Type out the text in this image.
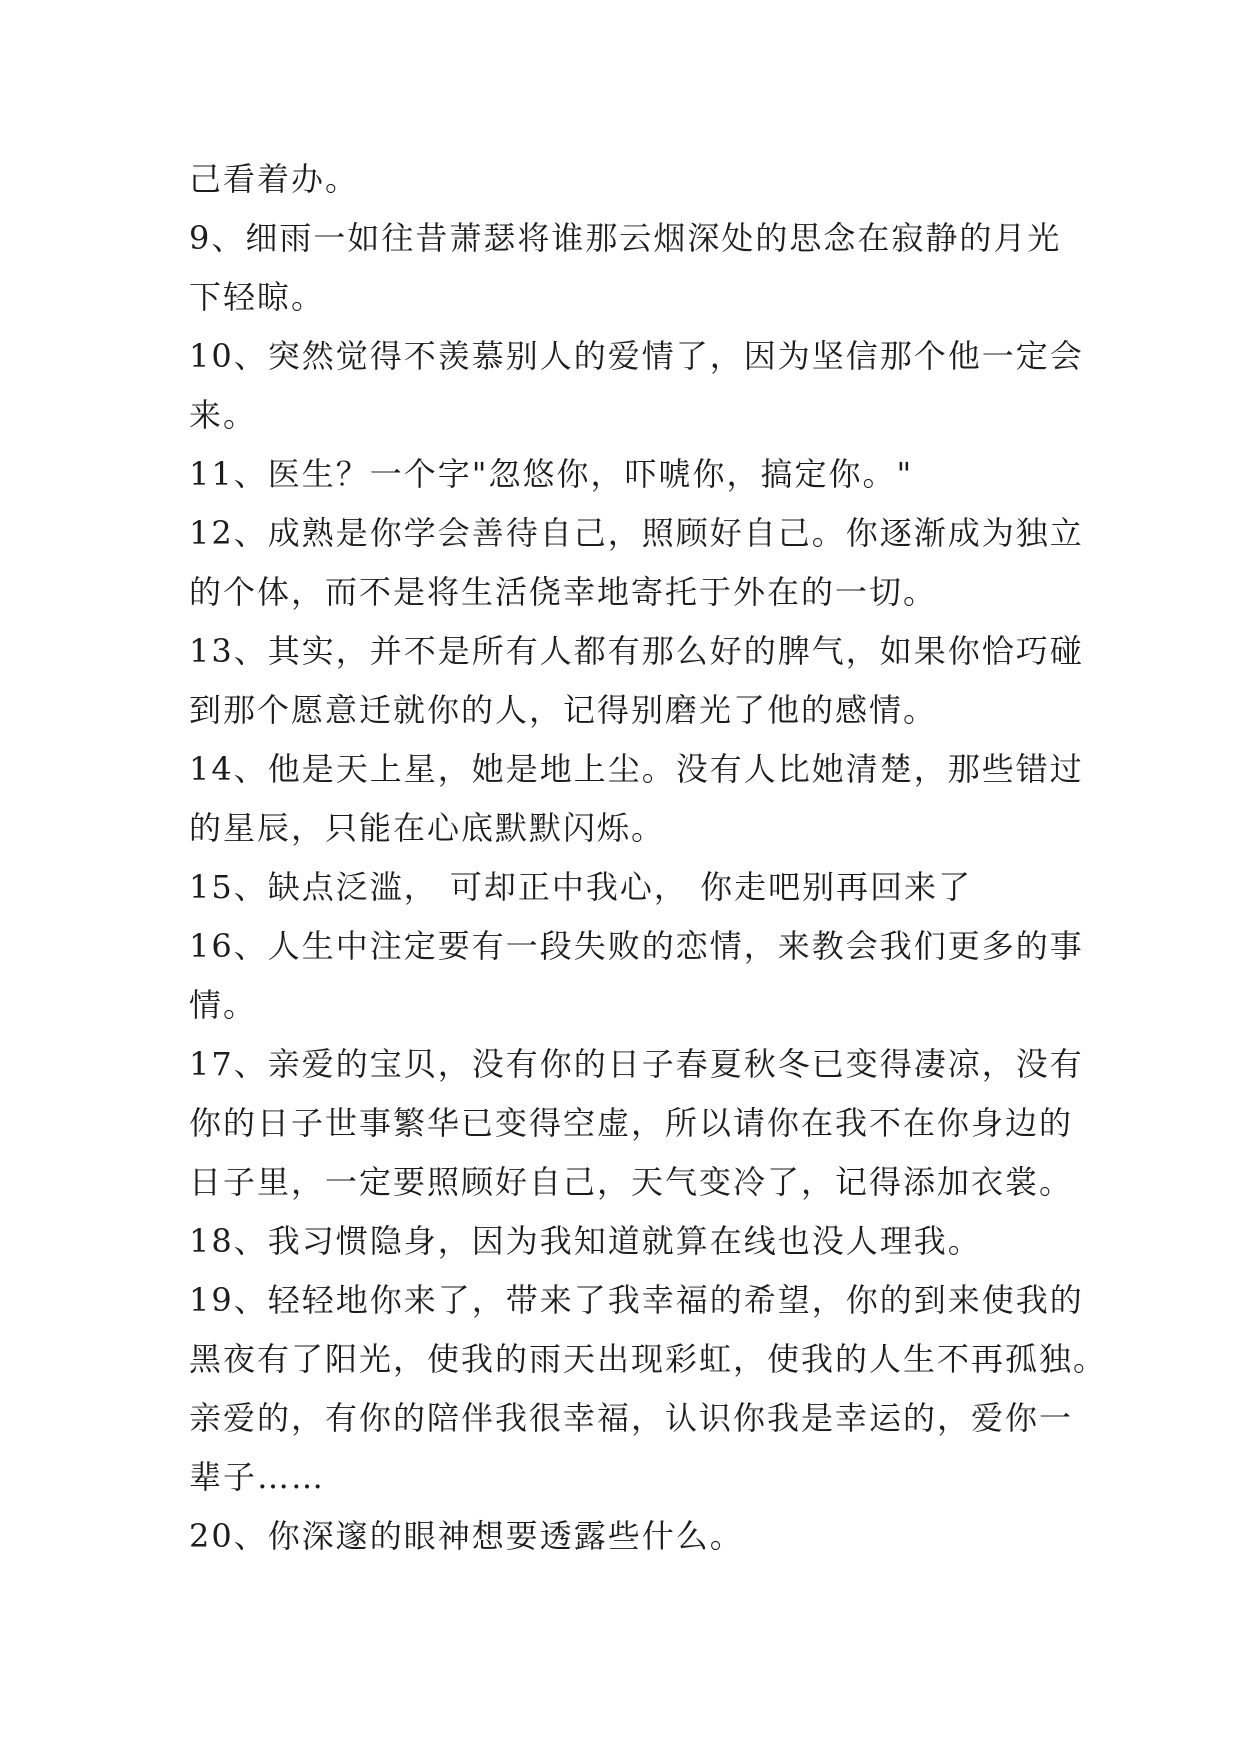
己看着办。
9、细雨一如往昔萧瑟将谁那云烟深处的思念在寂静的月光
下轻晾。
10、突然觉得不羡慕别人的爱情了，因为坚信那个他一定会
来。
11、医生？一个字"忽悠你，吓唬你，搞定你。"
12、成熟是你学会善待自己，照顾好自己。你逐渐成为独立
的个体，而不是将生活侥幸地寄托于外在的一切。
13、其实，并不是所有人都有那么好的脾气，如果你恰巧碰
到那个愿意迁就你的人，记得别磨光了他的感情。
14、他是天上星，她是地上尘。没有人比她清楚，那些错过
的星辰，只能在心底默默闪烁。
15、缺点泛滥， 可却正中我心， 你走吧别再回来了
16、人生中注定要有一段失败的恋情，来教会我们更多的事
情。
17、亲爱的宝贝，没有你的日子春夏秋冬已变得凄凉，没有
你的日子世事繁华已变得空虚，所以请你在我不在你身边的
日子里，一定要照顾好自己，天气变冷了，记得添加衣裳。
18、我习惯隐身，因为我知道就算在线也没人理我。
19、轻轻地你来了，带来了我幸福的希望，你的到来使我的
黑夜有了阳光，使我的雨天出现彩虹，使我的人生不再孤独。
亲爱的，有你的陪伴我很幸福，认识你我是幸运的，爱你一
辈子……
20、你深邃的眼神想要透露些什么。
